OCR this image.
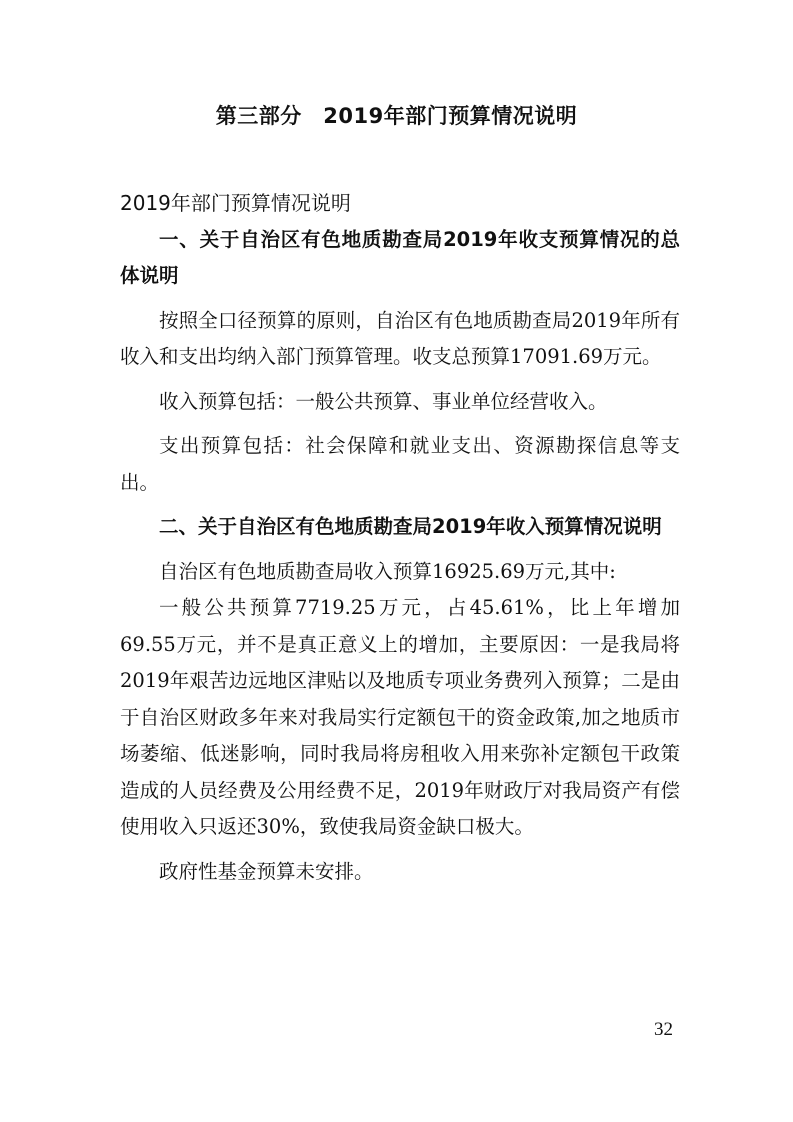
第三部分　2019年部门预算情况说明

2019年部门预算情况说明

一、关于自治区有色地质勘查局2019年收支预算情况的总体说明

按照全口径预算的原则，自治区有色地质勘查局2019年所有收入和支出均纳入部门预算管理。收支总预算17091.69万元。

收入预算包括：一般公共预算、事业单位经营收入。

支出预算包括：社会保障和就业支出、资源勘探信息等支出。

二、关于自治区有色地质勘查局2019年收入预算情况说明

自治区有色地质勘查局收入预算16925.69万元,其中:

一般公共预算7719.25万元，占45.61%，比上年增加69.55万元，并不是真正意义上的增加，主要原因：一是我局将2019年艰苦边远地区津贴以及地质专项业务费列入预算；二是由于自治区财政多年来对我局实行定额包干的资金政策,加之地质市场萎缩、低迷影响，同时我局将房租收入用来弥补定额包干政策造成的人员经费及公用经费不足，2019年财政厅对我局资产有偿使用收入只返还30%，致使我局资金缺口极大。

政府性基金预算未安排。

32
